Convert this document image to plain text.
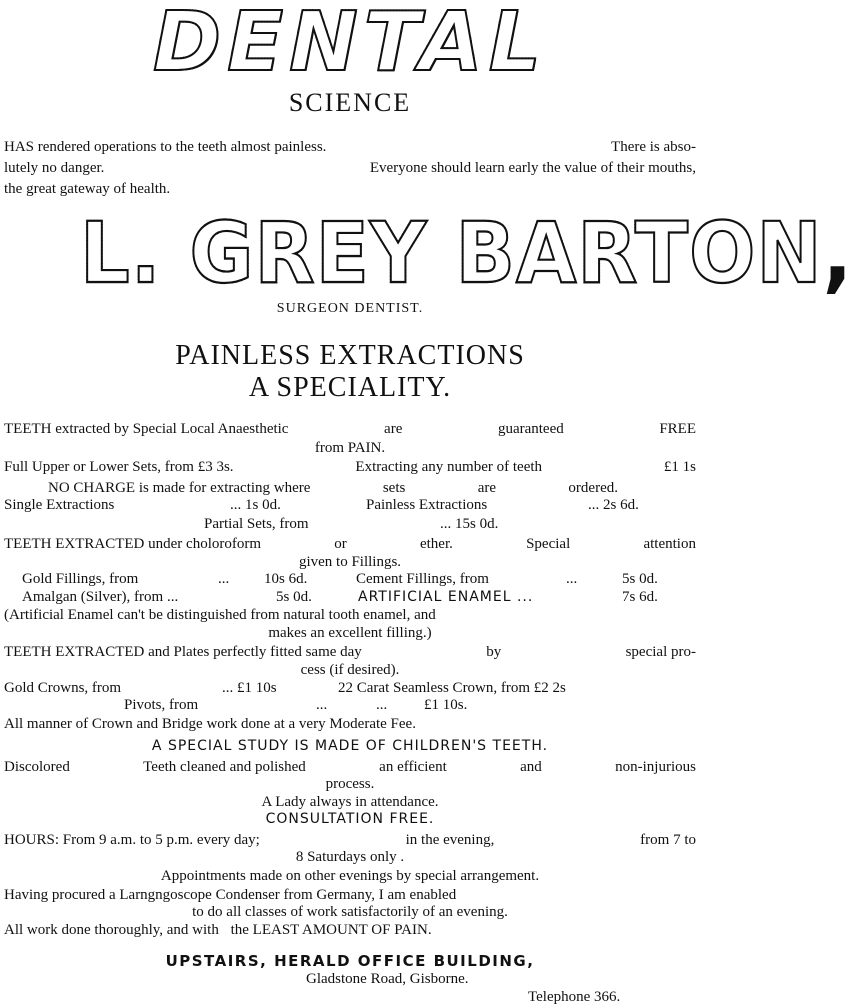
DENTAL
SCIENCE
HAS rendered operations to the teeth almost painless.	There is abso-
lutely no danger.	Everyone should learn early the value of their mouths,
the great gateway of health.
L. GREY BARTON,
SURGEON DENTIST.
PAINLESS EXTRACTIONS
A SPECIALITY.
TEETH extracted by Special Local Anaesthetic	are	guaranteed	FREE
from PAIN.
Full Upper or Lower Sets, from £3 3s.	Extracting any number of teeth	£1 1s
NO CHARGE is made for extracting where	sets	are	ordered.
Single Extractions	... 1s 0d.	Painless Extractions	... 2s 6d.
Partial Sets, from	... 15s 0d.
TEETH EXTRACTED under choloroform	or	ether.	Special	attention
given to Fillings.
Gold Fillings, from	... 10s 6d.	Cement Fillings, from	...	5s 0d.
Amalgan (Silver), from ...	5s 0d.	ARTIFICIAL ENAMEL ...	7s 6d.
(Artificial Enamel can't be distinguished from natural tooth enamel, and
makes an excellent filling.)
TEETH EXTRACTED and Plates perfectly fitted same day	by	special pro-
cess (if desired).
Gold Crowns, from	... £1 10s	22 Carat Seamless Crown, from £2 2s
Pivots, from	...	... £1 10s.
All manner of Crown and Bridge work done at a very Moderate Fee.
A SPECIAL STUDY IS MADE OF CHILDREN'S TEETH.
Discolored	Teeth cleaned and polished	an efficient	and	non-injurious
process.
A Lady always in attendance.
CONSULTATION FREE.
HOURS: From 9 a.m. to 5 p.m. every day;	in the evening,	from 7 to
8 Saturdays only .
Appointments made on other evenings by special arrangement.
Having procured a Larngngoscope Condenser from Germany, I am enabled
to do all classes of work satisfactorily of an evening.
All work done thoroughly, and with the LEAST AMOUNT OF PAIN.
UPSTAIRS, HERALD OFFICE BUILDING,
Gladstone Road, Gisborne.
Telephone 366.
